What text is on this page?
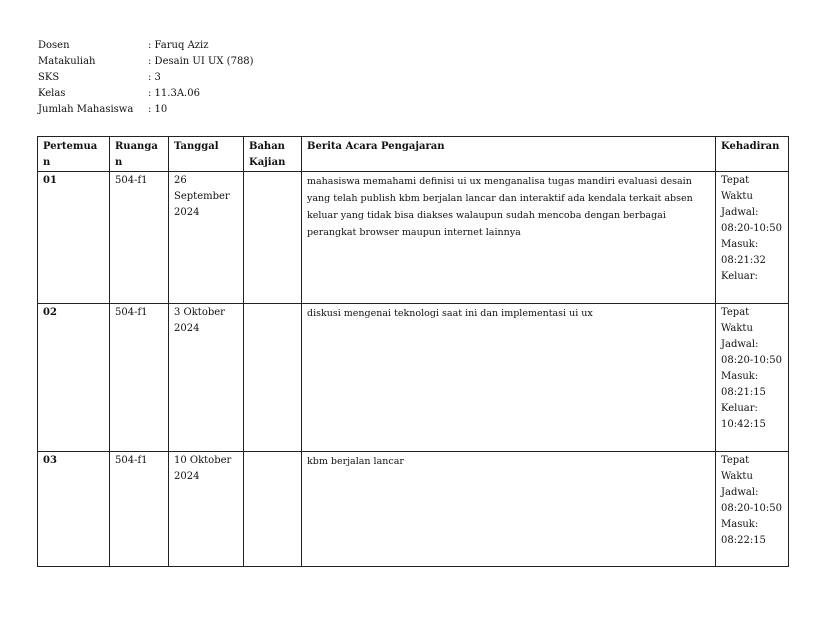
Dosen	: Faruq Aziz
Matakuliah	: Desain UI UX (788)
SKS	: 3
Kelas	: 11.3A.06
Jumlah Mahasiswa	: 10
Pertemuan	Ruangan	Tanggal	Bahan Kajian	Berita Acara Pengajaran	Kehadiran
01	504-f1	26 September 2024		mahasiswa memahami definisi ui ux menganalisa tugas mandiri evaluasi desain yang telah publish kbm berjalan lancar dan interaktif ada kendala terkait absen keluar yang tidak bisa diakses walaupun sudah mencoba dengan berbagai perangkat browser maupun internet lainnya	Tepat Waktu Jadwal: 08:20-10:50 Masuk: 08:21:32 Keluar:
02	504-f1	3 Oktober 2024		diskusi mengenai teknologi saat ini dan implementasi ui ux	Tepat Waktu Jadwal: 08:20-10:50 Masuk: 08:21:15 Keluar: 10:42:15
03	504-f1	10 Oktober 2024		kbm berjalan lancar	Tepat Waktu Jadwal: 08:20-10:50 Masuk: 08:22:15
